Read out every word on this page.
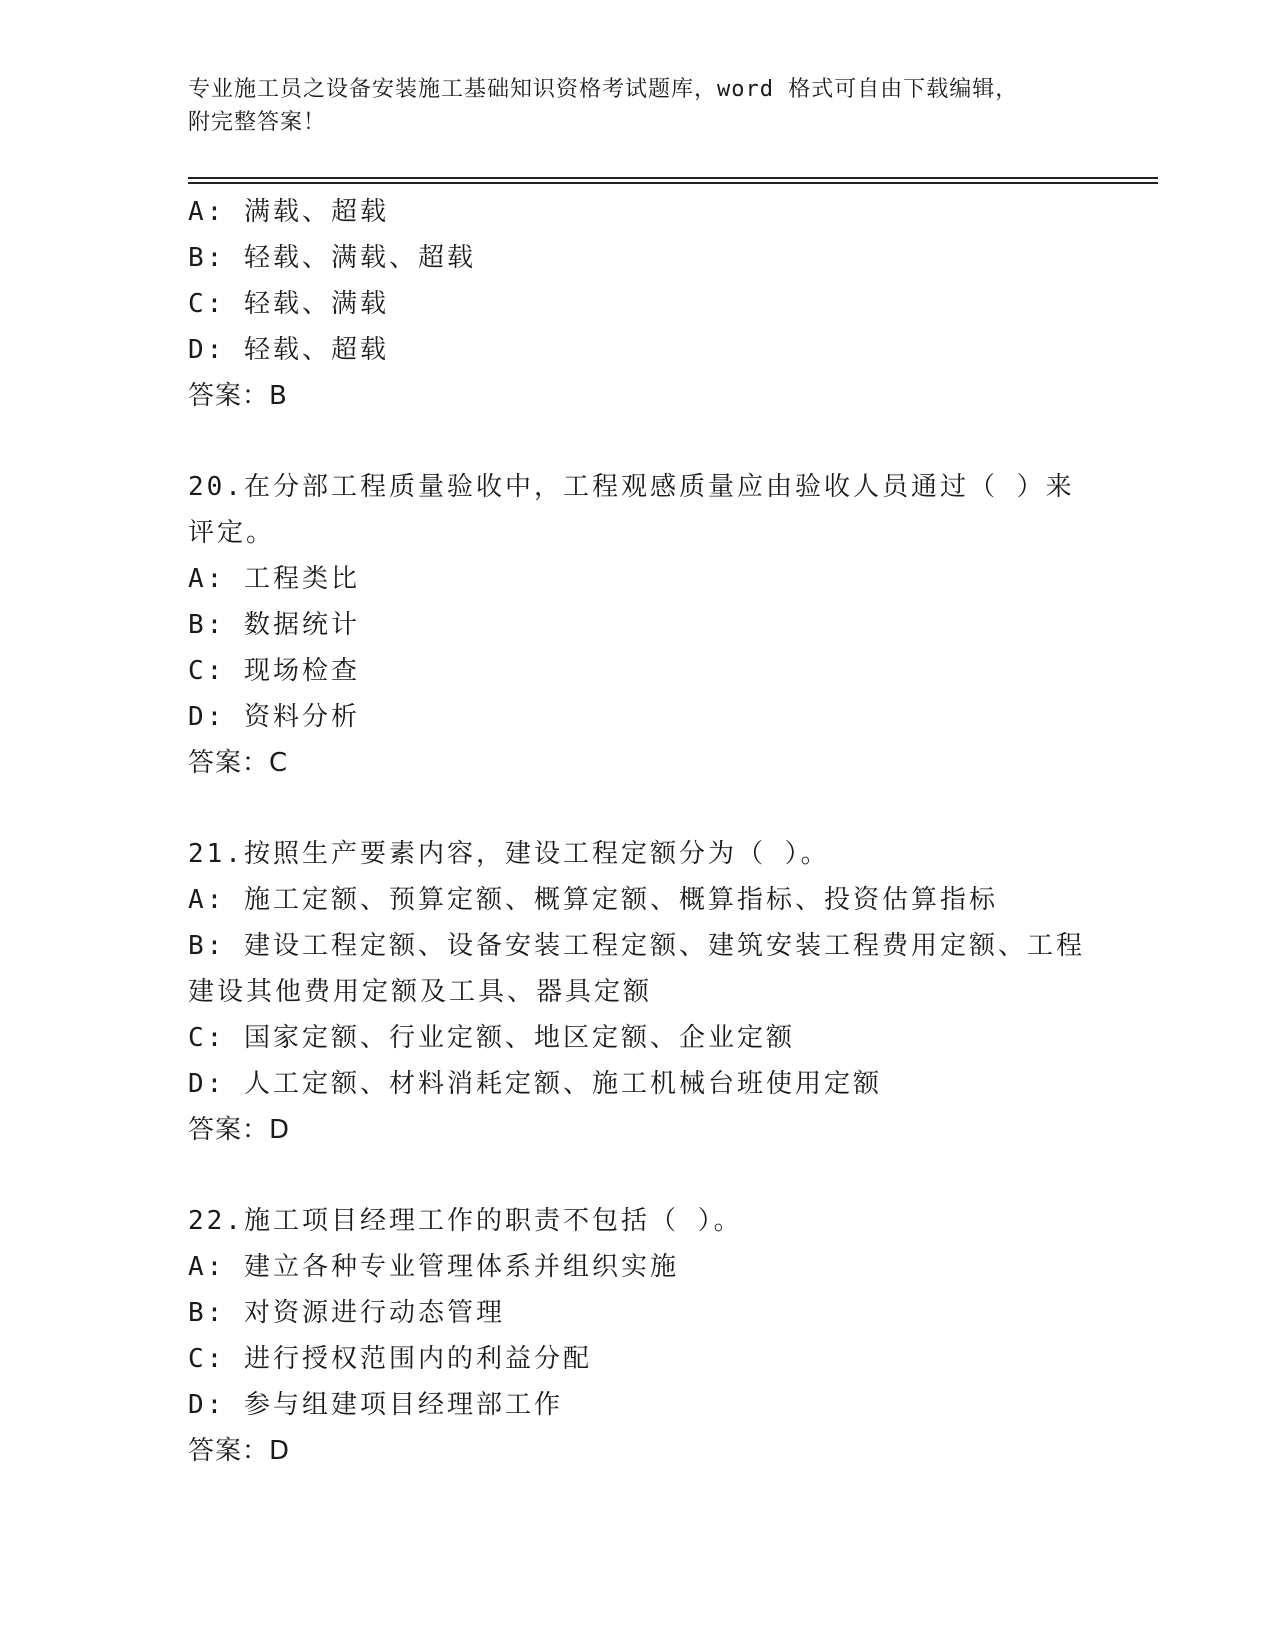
专业施工员之设备安装施工基础知识资格考试题库，word 格式可自由下载编辑，
附完整答案！
A: 满载、超载
B: 轻载、满载、超载
C: 轻载、满载
D: 轻载、超载
答案：B
20.在分部工程质量验收中，工程观感质量应由验收人员通过（ ）来
评定。
A: 工程类比
B: 数据统计
C: 现场检查
D: 资料分析
答案：C
21.按照生产要素内容，建设工程定额分为（ ）。
A: 施工定额、预算定额、概算定额、概算指标、投资估算指标
B: 建设工程定额、设备安装工程定额、建筑安装工程费用定额、工程
建设其他费用定额及工具、器具定额
C: 国家定额、行业定额、地区定额、企业定额
D: 人工定额、材料消耗定额、施工机械台班使用定额
答案：D
22.施工项目经理工作的职责不包括（ ）。
A: 建立各种专业管理体系并组织实施
B: 对资源进行动态管理
C: 进行授权范围内的利益分配
D: 参与组建项目经理部工作
答案：D
